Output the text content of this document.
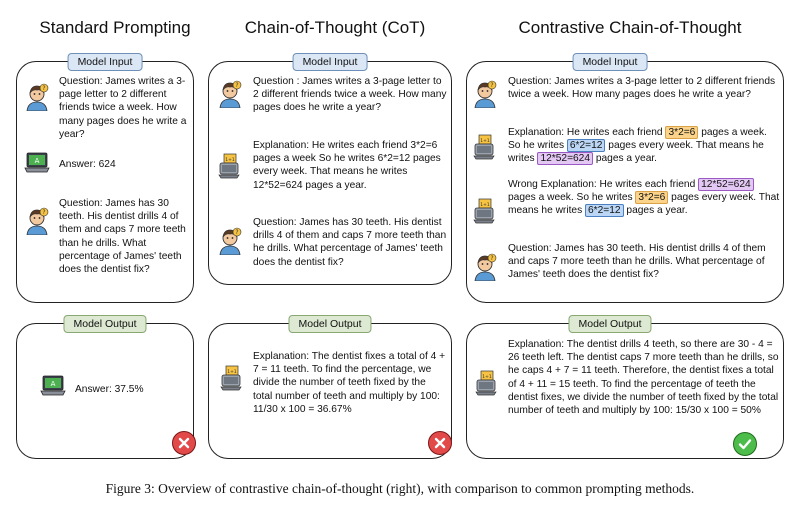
Standard Prompting	Chain-of-Thought (CoT)	Contrastive Chain-of-Thought
Model Input
Question: James writes a 3-page letter to 2 different friends twice a week. How many pages does he write a year?
Answer: 624
Question: James has 30 teeth. His dentist drills 4 of them and caps 7 more teeth than he drills. What percentage of James' teeth does the dentist fix?
Model Output
Answer: 37.5%
Model Input
Question : James writes a 3-page letter to 2 different friends twice a week. How many pages does he write a year?
Explanation: He writes each friend 3*2=6 pages a week So he writes 6*2=12 pages every week. That means he writes 12*52=624 pages a year.
Question: James has 30 teeth. His dentist drills 4 of them and caps 7 more teeth than he drills. What percentage of James' teeth does the dentist fix?
Model Output
Explanation: The dentist fixes a total of 4 + 7 = 11 teeth. To find the percentage, we divide the number of teeth fixed by the total number of teeth and multiply by 100: 11/30 x 100 = 36.67%
Model Input
Question: James writes a 3-page letter to 2 different friends twice a week. How many pages does he write a year?
Explanation: He writes each friend 3*2=6 pages a week. So he writes 6*2=12 pages every week. That means he writes 12*52=624 pages a year.
Wrong Explanation: He writes each friend 12*52=624 pages a week. So he writes 3*2=6 pages every week. That means he writes 6*2=12 pages a year.
Question: James has 30 teeth. His dentist drills 4 of them and caps 7 more teeth than he drills. What percentage of James' teeth does the dentist fix?
Model Output
Explanation: The dentist drills 4 teeth, so there are 30 - 4 = 26 teeth left. The dentist caps 7 more teeth than he drills, so he caps 4 + 7 = 11 teeth. Therefore, the dentist fixes a total of 4 + 11 = 15 teeth. To find the percentage of teeth the dentist fixes, we divide the number of teeth fixed by the total number of teeth and multiply by 100: 15/30 x 100 = 50%
Figure 3: Overview of contrastive chain-of-thought (right), with comparison to common prompting methods.
